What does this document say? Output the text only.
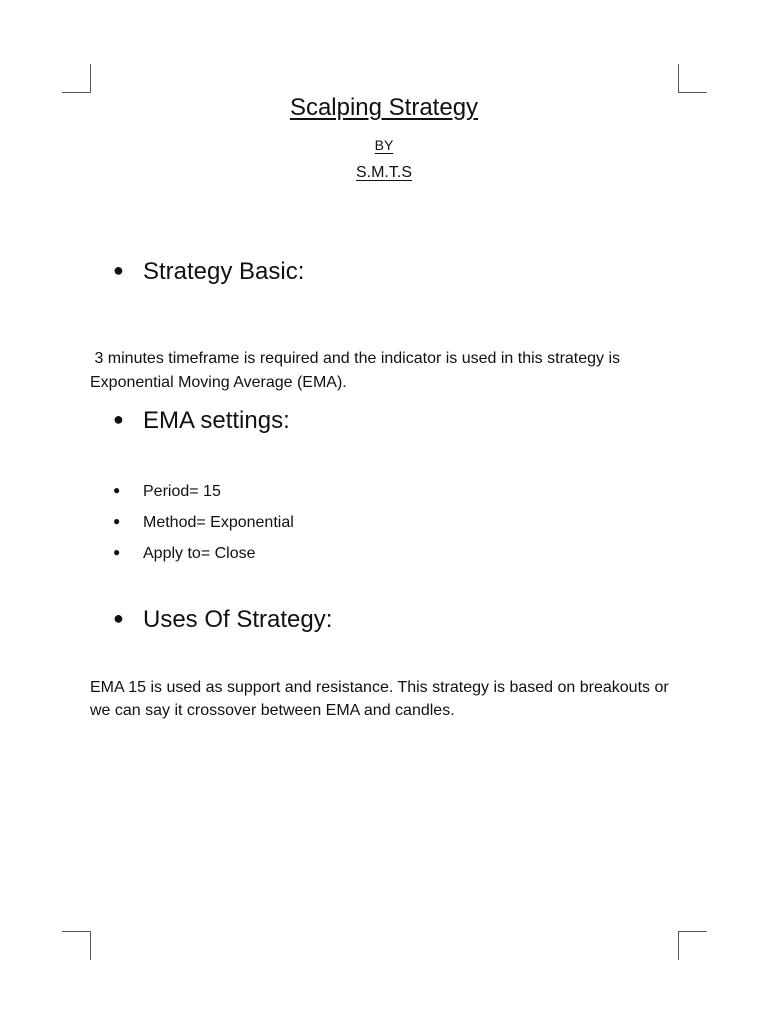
Scalping Strategy
BY
S.M.T.S
● Strategy Basic:
3 minutes timeframe is required and the indicator is used in this strategy is Exponential Moving Average (EMA).
● EMA settings:
● Period= 15
● Method= Exponential
● Apply to= Close
● Uses Of Strategy:
EMA 15 is used as support and resistance. This strategy is based on breakouts or we can say it crossover between EMA and candles.
